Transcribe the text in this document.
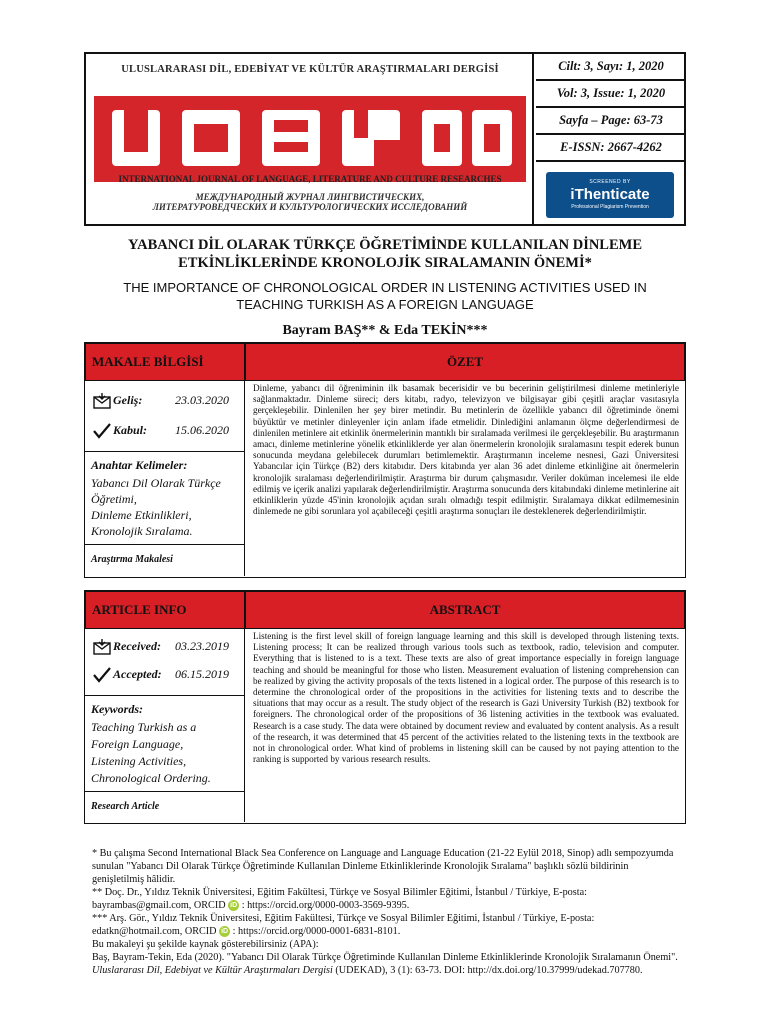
ULUSLARARASI DİL, EDEBİYAT VE KÜLTÜR ARAŞTIRMALARI DERGİSİ
INTERNATIONAL JOURNAL OF LANGUAGE, LITERATURE AND CULTURE RESEARCHES
МЕЖДУНАРОДНЫЙ ЖУРНАЛ ЛИНГВИСТИЧЕСКИХ,
ЛИТЕРАТУРОВЕДЧЕСКИХ И КУЛЬТУРОЛОГИЧЕСКИХ ИССЛЕДОВАНИЙ
Cilt: 3, Sayı: 1, 2020
Vol: 3, Issue: 1, 2020
Sayfa – Page: 63-73
E-ISSN: 2667-4262
SCREENED BY
iThenticate
Professional Plagiarism Prevention
YABANCI DİL OLARAK TÜRKÇE ÖĞRETİMİNDE KULLANILAN DİNLEME
ETKİNLİKLERİNDE KRONOLOJİK SIRALAMANIN ÖNEMİ*
THE IMPORTANCE OF CHRONOLOGICAL ORDER IN LISTENING ACTIVITIES USED IN
TEACHING TURKISH AS A FOREIGN LANGUAGE
Bayram BAŞ** & Eda TEKİN***
MAKALE BİLGİSİ	ÖZET
Geliş:	23.03.2020
Kabul: 15.06.2020
Anahtar Kelimeler:
Yabancı Dil Olarak Türkçe
Öğretimi,
Dinleme Etkinlikleri,
Kronolojik Sıralama.
Araştırma Makalesi
Dinleme, yabancı dil öğreniminin ilk basamak becerisidir ve bu becerinin geliştirilmesi dinleme metinleriyle sağlanmaktadır. Dinleme süreci; ders kitabı, radyo, televizyon ve bilgisayar gibi çeşitli araçlar vasıtasıyla gerçekleşebilir. Dinlenilen her şey birer metindir. Bu metinlerin de özellikle yabancı dil öğretiminde önemi büyüktür ve metinler dinleyenler için anlam ifade etmelidir. Dinlediğini anlamanın ölçme değerlendirmesi de dinlenilen metinlere ait etkinlik önermelerinin mantıklı bir sıralamada verilmesi ile gerçekleşebilir. Bu araştırmanın amacı, dinleme metinlerine yönelik etkinliklerde yer alan önermelerin kronolojik sıralamasını tespit ederek bunun sonucunda meydana gelebilecek durumları betimlemektir. Araştırmanın inceleme nesnesi, Gazi Üniversitesi Yabancılar için Türkçe (B2) ders kitabıdır. Ders kitabında yer alan 36 adet dinleme etkinliğine ait önermelerin kronolojik sıralaması değerlendirilmiştir. Araştırma bir durum çalışmasıdır. Veriler doküman incelemesi ile elde edilmiş ve içerik analizi yapılarak değerlendirilmiştir. Araştırma sonucunda ders kitabındaki dinleme metinlerine ait etkinliklerin yüzde 45'inin kronolojik açıdan sıralı olmadığı tespit edilmiştir. Sıralamaya dikkat edilmemesinin dinlemede ne gibi sorunlara yol açabileceği çeşitli araştırma sonuçları ile desteklenerek değerlendirilmiştir.
ARTICLE INFO	ABSTRACT
Received: 03.23.2019
Accepted: 06.15.2019
Keywords:
Teaching Turkish as a
Foreign Language,
Listening Activities,
Chronological Ordering.
Research Article
Listening is the first level skill of foreign language learning and this skill is developed through listening texts. Listening process; It can be realized through various tools such as textbook, radio, television and computer. Everything that is listened to is a text. These texts are also of great importance especially in foreign language teaching and should be meaningful for those who listen. Measurement evaluation of listening comprehension can be realized by giving the activity proposals of the texts listened in a logical order. The purpose of this research is to determine the chronological order of the propositions in the activities for listening texts and to describe the situations that may occur as a result. The study object of the research is Gazi University Turkish (B2) textbook for foreigners. The chronological order of the propositions of 36 listening activities in the textbook was evaluated. Research is a case study. The data were obtained by document review and evaluated by content analysis. As a result of the research, it was determined that 45 percent of the activities related to the listening texts in the textbook are not in chronological order. What kind of problems in listening skill can be caused by not paying attention to the ranking is supported by various research results.

* Bu çalışma Second International Black Sea Conference on Language and Language Education (21-22 Eylül 2018, Sinop) adlı sempozyumda sunulan "Yabancı Dil Olarak Türkçe Öğretiminde Kullanılan Dinleme Etkinliklerinde Kronolojik Sıralama" başlıklı sözlü bildirinin genişletilmiş hâlidir.

** Doç. Dr., Yıldız Teknik Üniversitesi, Eğitim Fakültesi, Türkçe ve Sosyal Bilimler Eğitimi, İstanbul / Türkiye, E-posta: bayrambas@gmail.com, ORCID iD : https://orcid.org/0000-0003-3569-9395.

*** Arş. Gör., Yıldız Teknik Üniversitesi, Eğitim Fakültesi, Türkçe ve Sosyal Bilimler Eğitimi, İstanbul / Türkiye, E-posta: edatkn@hotmail.com, ORCID iD : https://orcid.org/0000-0001-6831-8101.

Bu makaleyi şu şekilde kaynak gösterebilirsiniz (APA):

Baş, Bayram-Tekin, Eda (2020). "Yabancı Dil Olarak Türkçe Öğretiminde Kullanılan Dinleme Etkinliklerinde Kronolojik Sıralamanın Önemi". Uluslararası Dil, Edebiyat ve Kültür Araştırmaları Dergisi (UDEKAD), 3 (1): 63-73. DOI: http://dx.doi.org/10.37999/udekad.707780.
